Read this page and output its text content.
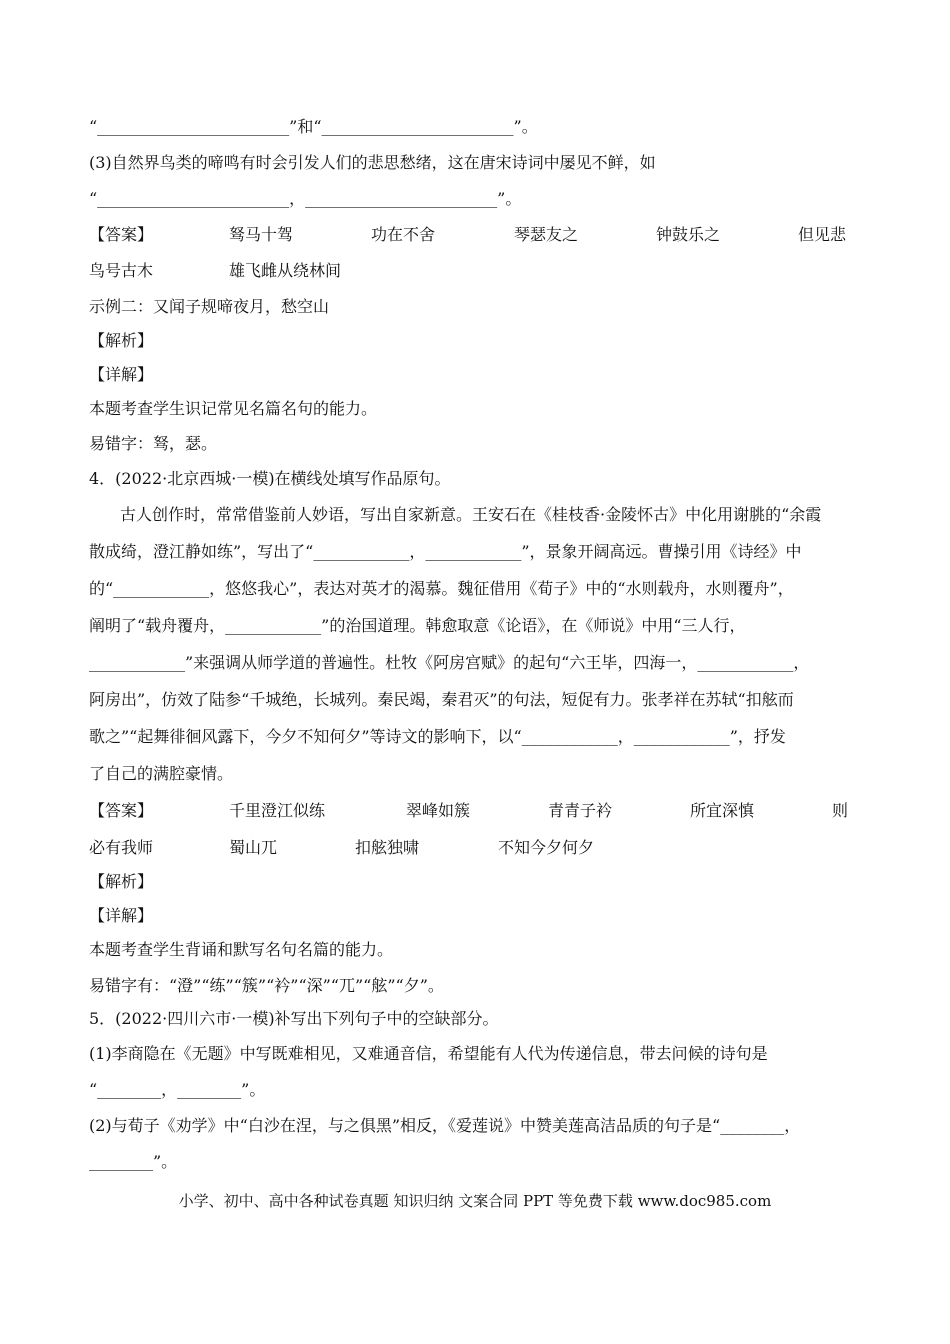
“________________________”和“________________________”。
(3)自然界鸟类的啼鸣有时会引发人们的悲思愁绪，这在唐宋诗词中屡见不鲜，如
“________________________，________________________”。
【答案】	驽马十驾	功在不舍	琴瑟友之	钟鼓乐之	但见悲
鸟号古木	雄飞雌从绕林间
示例二：又闻子规啼夜月，愁空山
【解析】
【详解】
本题考查学生识记常见名篇名句的能力。
易错字：驽，瑟。
4．(2022·北京西城·一模)在横线处填写作品原句。
古人创作时，常常借鉴前人妙语，写出自家新意。王安石在《桂枝香·金陵怀古》中化用谢朓的“余霞
散成绮，澄江静如练”，写出了“____________，____________”，景象开阔高远。曹操引用《诗经》中
的“____________，悠悠我心”，表达对英才的渴慕。魏征借用《荀子》中的“水则载舟，水则覆舟”，
阐明了“载舟覆舟，____________”的治国道理。韩愈取意《论语》，在《师说》中用“三人行，
____________”来强调从师学道的普遍性。杜牧《阿房宫赋》的起句“六王毕，四海一，____________，
阿房出”，仿效了陆参“千城绝，长城列。秦民竭，秦君灭”的句法，短促有力。张孝祥在苏轼“扣舷而
歌之”“起舞徘徊风露下，今夕不知何夕”等诗文的影响下，以“____________，____________”，抒发
了自己的满腔豪情。
【答案】	千里澄江似练	翠峰如簇	青青子衿	所宜深慎	则
必有我师	蜀山兀	扣舷独啸	不知今夕何夕
【解析】
【详解】
本题考查学生背诵和默写名句名篇的能力。
易错字有：“澄”“练”“簇”“衿”“深”“兀”“舷”“夕”。
5．(2022·四川六市·一模)补写出下列句子中的空缺部分。
(1)李商隐在《无题》中写既难相见，又难通音信，希望能有人代为传递信息，带去问候的诗句是
“________，________”。
(2)与荀子《劝学》中“白沙在涅，与之俱黑”相反，《爱莲说》中赞美莲高洁品质的句子是“________，
________”。
小学、初中、高中各种试卷真题 知识归纳 文案合同 PPT 等免费下载 www.doc985.com
